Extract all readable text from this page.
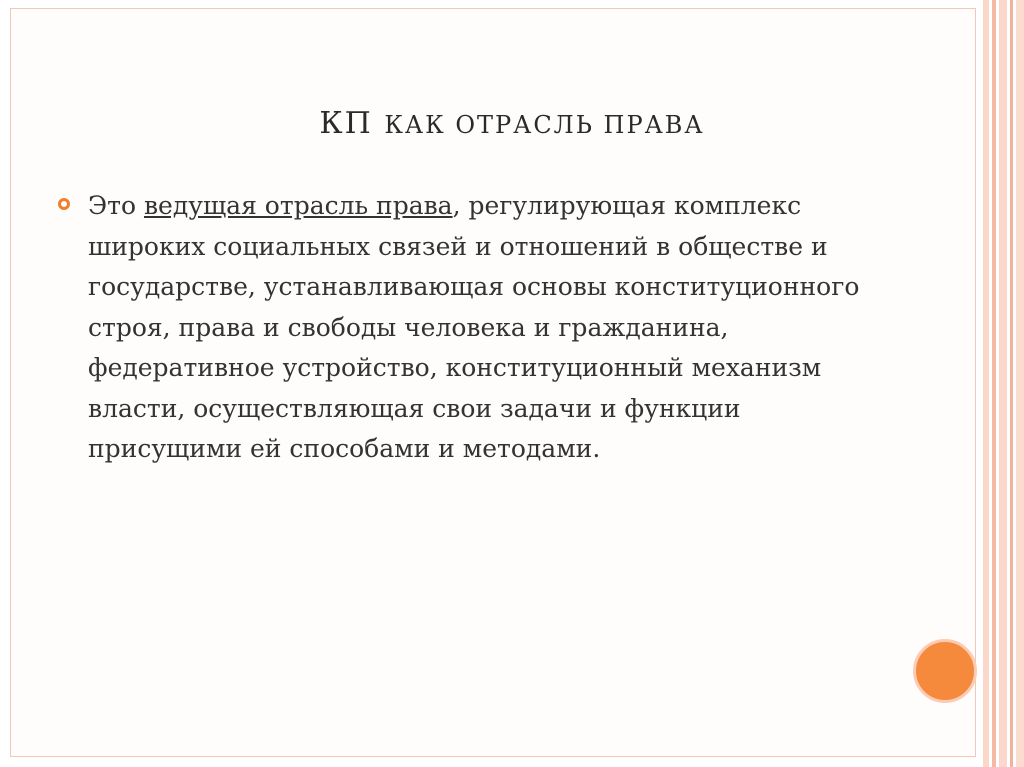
КП КАК ОТРАСЛЬ ПРАВА
Это ведущая отрасль права, регулирующая комплекс широких социальных связей и отношений в обществе и государстве, устанавливающая основы конституционного строя, права и свободы человека и гражданина, федеративное устройство, конституционный механизм власти, осуществляющая свои задачи и функции присущими ей способами и методами.
